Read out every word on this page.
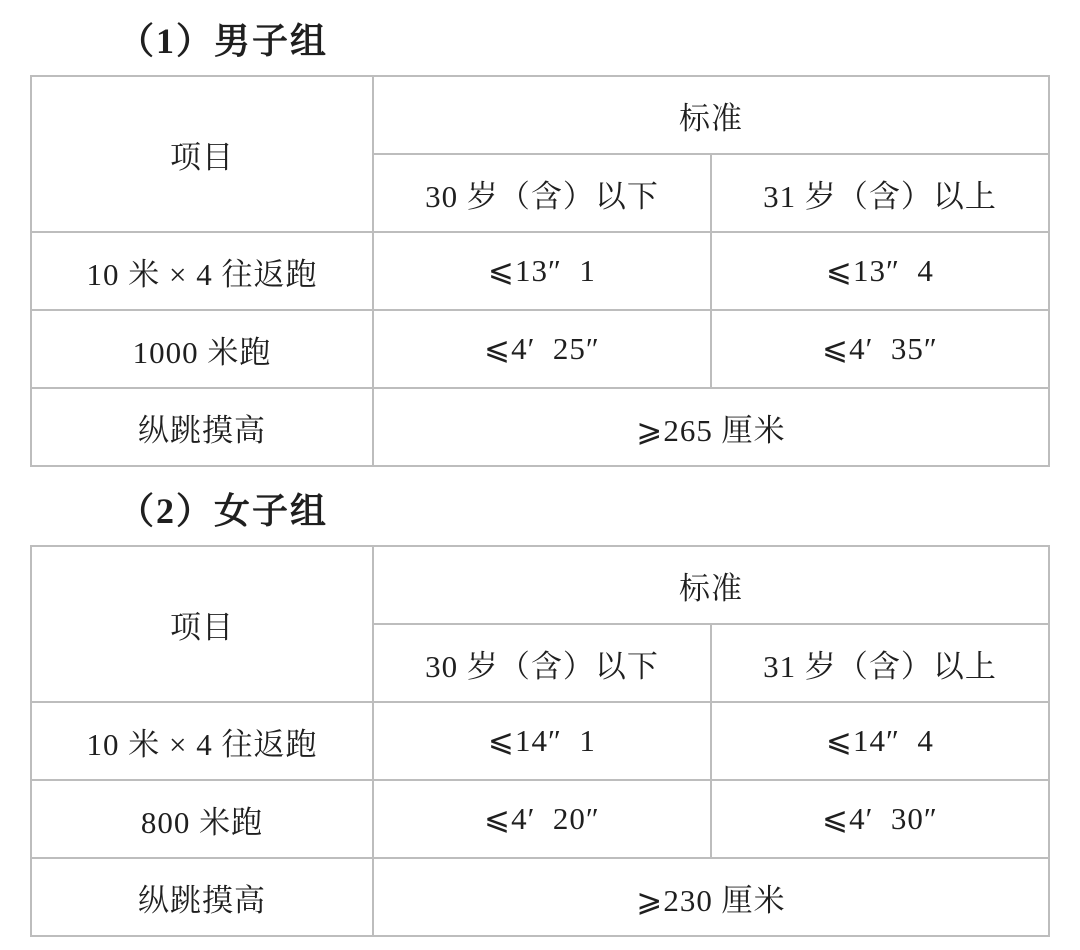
（1）男子组
项目	标准	
	30 岁（含）以下	31 岁（含）以上
10 米 × 4 往返跑	⩽13″  1	⩽13″  4
1000 米跑	⩽4′  25″	⩽4′  35″
纵跳摸高	⩾265 厘米	
（2）女子组
项目	标准	
	30 岁（含）以下	31 岁（含）以上
10 米 × 4 往返跑	⩽14″  1	⩽14″  4
800 米跑	⩽4′  20″	⩽4′  30″
纵跳摸高	⩾230 厘米	
